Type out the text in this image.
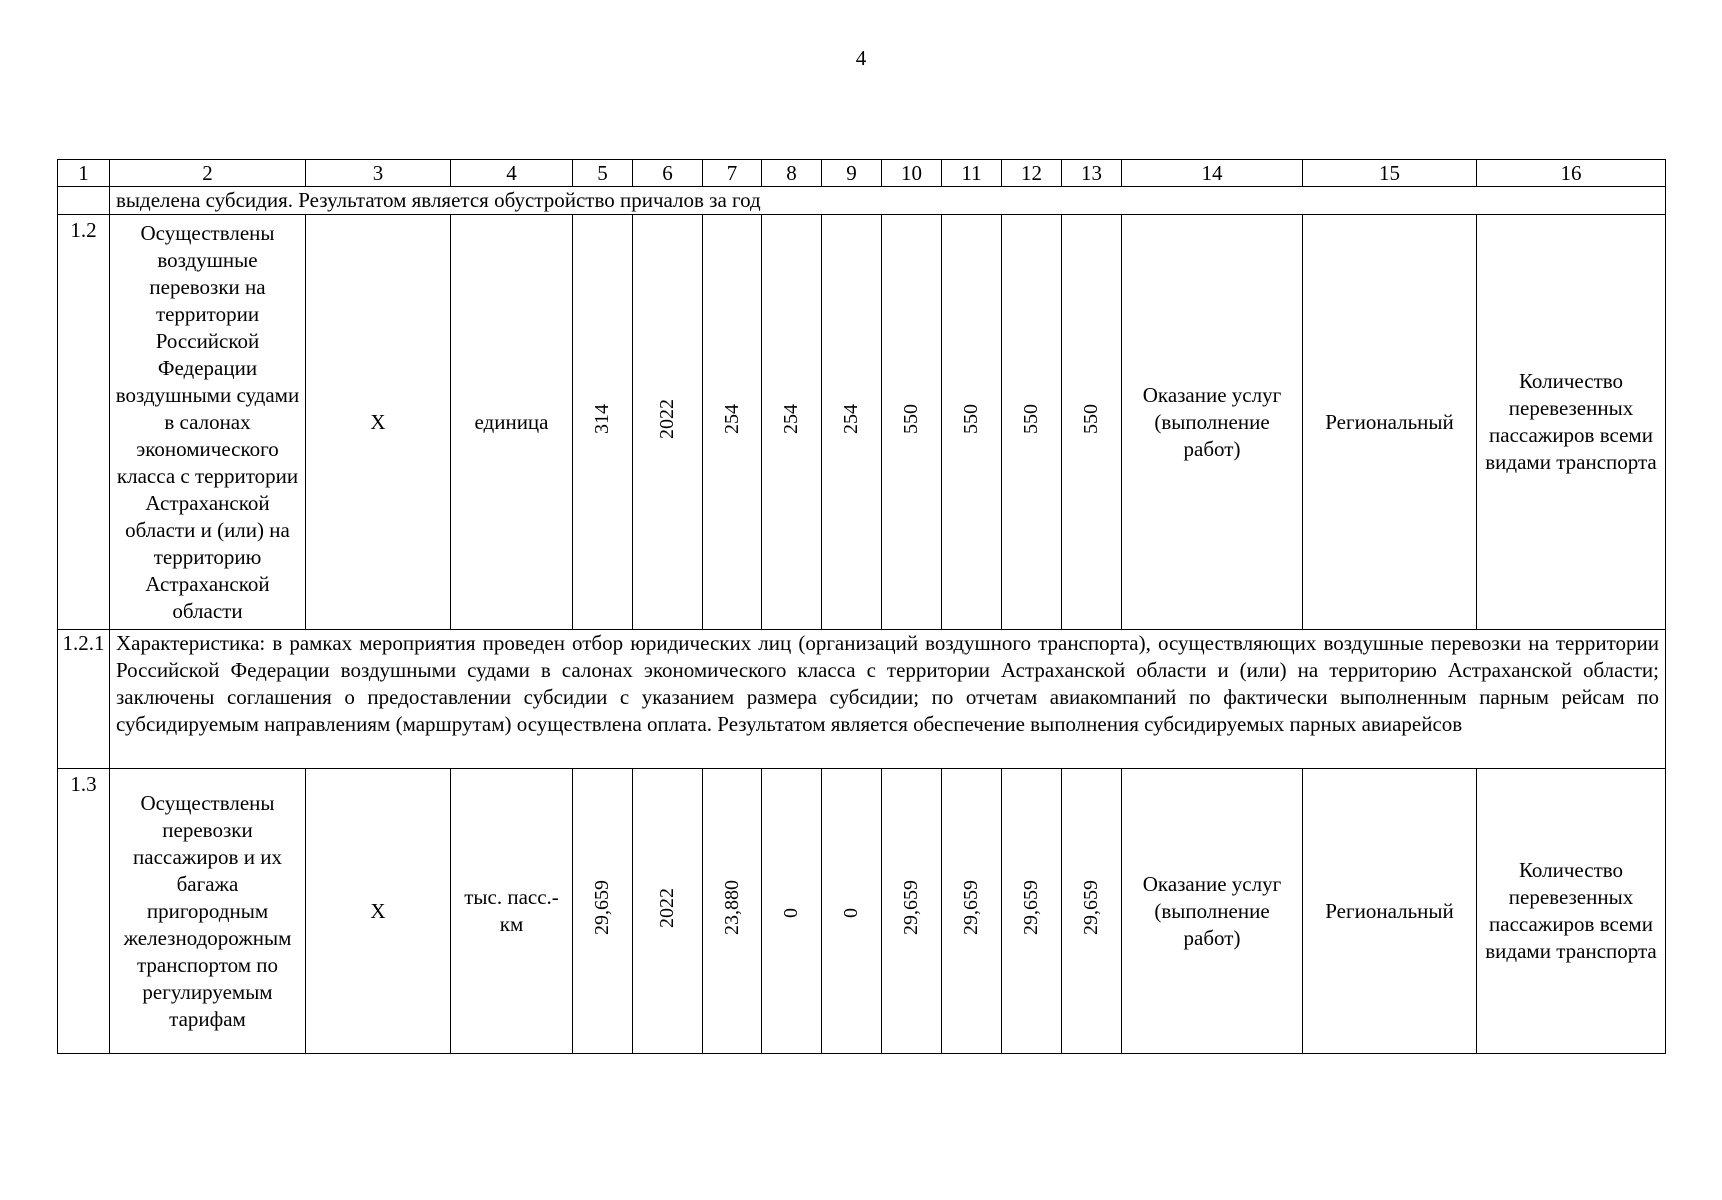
4
1	2	3	4	5	6	7	8	9	10	11	12	13	14	15	16
	выделена субсидия. Результатом является обустройство причалов за год														
1.2	Осуществлены воздушные перевозки на территории Российской Федерации воздушными судами в салонах экономического класса с территории Астраханской области и (или) на территорию Астраханской области	Х	единица	314	2022	254	254	254	550	550	550	550	Оказание услуг (выполнение работ)	Региональный	Количество перевезенных пассажиров всеми видами транспорта
1.2.1	Характеристика: в рамках мероприятия проведен отбор юридических лиц (организаций воздушного транспорта), осуществляющих воздушные перевозки на территории Российской Федерации воздушными судами в салонах экономического класса с территории Астраханской области и (или) на территорию Астраханской области; заключены соглашения о предоставлении субсидии с указанием размера субсидии; по отчетам авиакомпаний по фактически выполненным парным рейсам по субсидируемым направлениям (маршрутам) осуществлена оплата. Результатом является обеспечение выполнения субсидируемых парных авиарейсов														
1.3	Осуществлены перевозки пассажиров и их багажа пригородным железнодорожным транспортом по регулируемым тарифам	Х	тыс. пасс.-км	29,659	2022	23,880	0	0	29,659	29,659	29,659	29,659	Оказание услуг (выполнение работ)	Региональный	Количество перевезенных пассажиров всеми видами транспорта
